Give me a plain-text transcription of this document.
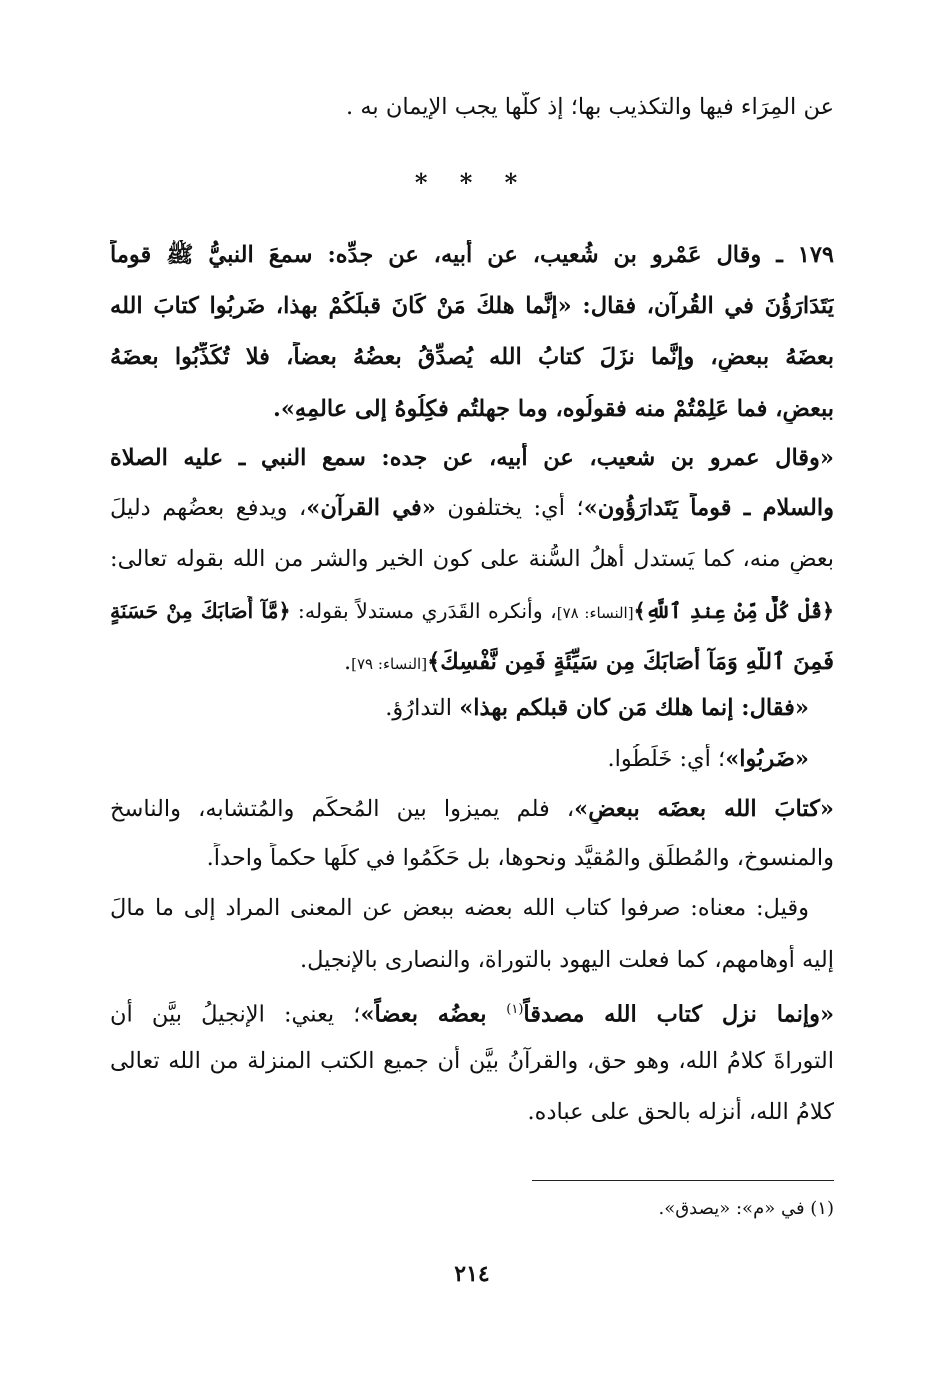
عن المِرَاء فيها والتكذيب بها؛ إذ كلُّها يجب الإيمان به .
* * *
١٧٩ ـ وقال عَمْرو بن شُعيب، عن أبيه، عن جدِّه: سمعَ النبيُّ ﷺ قوماً
يَتَدَارَؤُنَ في القُرآن، فقال: «إنَّما هلكَ مَنْ كَانَ قبلَكُمْ بهذا، ضَربُوا كتابَ الله
بعضَهُ ببعضٍ، وإنَّما نزَلَ كتابُ الله يُصدِّقُ بعضُهُ بعضاً، فلا تُكَذِّبُوا بعضَهُ
ببعضٍ، فما عَلِمْتُمْ منه فقولُوه، وما جهلتُم فكِلُوهُ إلى عالمِهِ».
«وقال عمرو بن شعيب، عن أبيه، عن جده: سمع النبي ـ عليه الصلاة
والسلام ـ قوماً يَتَدارَؤُون»؛ أي: يختلفون «في القرآن»، ويدفع بعضُهم دليلَ
بعضٍ منه، كما يَستدل أهلُ السُّنة على كون الخير والشر من الله بقوله تعالى:
﴿قُلْ كُلٌّ مِّنْ عِندِ ٱللَّهِ﴾[النساء: ٧٨]، وأنكره القَدَري مستدلاً بقوله: ﴿مَّآ أَصَابَكَ مِنْ حَسَنَةٍ
فَمِنَ ٱللَّهِ وَمَآ أَصَابَكَ مِن سَيِّئَةٍ فَمِن نَّفْسِكَ﴾[النساء: ٧٩].
«فقال: إنما هلك مَن كان قبلكم بهذا» التدارُؤ.
«ضَربُوا»؛ أي: خَلَطُوا.
«كتابَ الله بعضَه ببعضٍ»، فلم يميزوا بين المُحكَم والمُتشابه، والناسخ
والمنسوخ، والمُطلَق والمُقيَّد ونحوها، بل حَكَمُوا في كلِّها حكماً واحداً.
وقيل: معناه: صرفوا كتاب الله بعضه ببعض عن المعنى المراد إلى ما مالَ
إليه أوهامهم، كما فعلت اليهود بالتوراة، والنصارى بالإنجيل.
«وإنما نزل كتاب الله مصدقاً$^{(١)}$ بعضُه بعضاً»؛ يعني: الإنجيلُ بيَّن أن
التوراةَ كلامُ الله، وهو حق، والقرآنُ بيَّن أن جميع الكتب المنزلة من الله تعالى
كلامُ الله، أنزله بالحق على عباده.
(١) في «م»: «يصدق».
٢١٤
